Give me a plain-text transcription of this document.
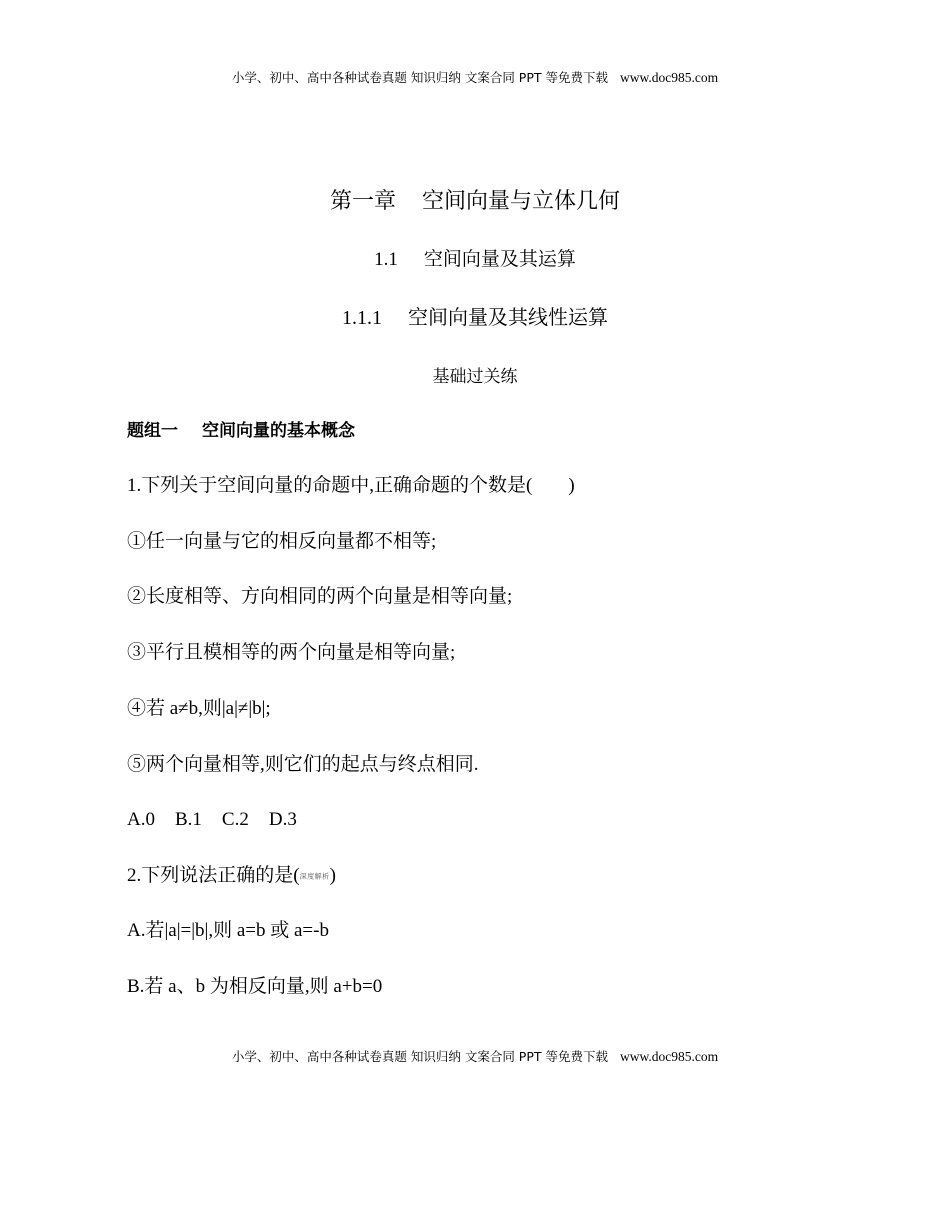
小学、初中、高中各种试卷真题 知识归纳 文案合同 PPT 等免费下载 www.doc985.com
第一章 空间向量与立体几何
1.1 空间向量及其运算
1.1.1 空间向量及其线性运算
基础过关练
题组一 空间向量的基本概念
1.下列关于空间向量的命题中,正确命题的个数是( )
①任一向量与它的相反向量都不相等;
②长度相等、方向相同的两个向量是相等向量;
③平行且模相等的两个向量是相等向量;
④若 a≠b,则|a|≠|b|;
⑤两个向量相等,则它们的起点与终点相同.
A.0 B.1 C.2 D.3
2.下列说法正确的是(深度解析)
A.若|a|=|b|,则 a=b 或 a=-b
B.若 a、b 为相反向量,则 a+b=0
小学、初中、高中各种试卷真题 知识归纳 文案合同 PPT 等免费下载 www.doc985.com
